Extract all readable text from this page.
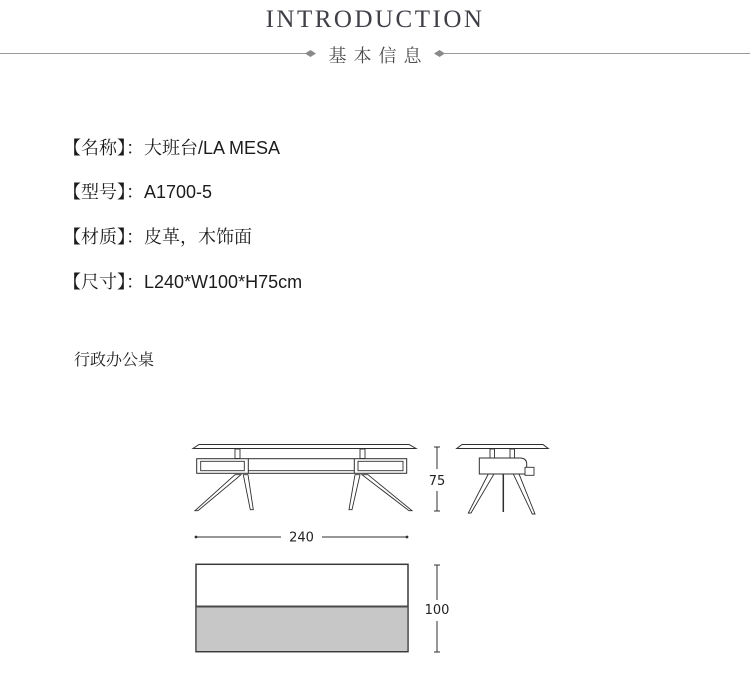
INTRODUCTION
基本信息
【名称】：大班台/LA MESA
【型号】：A1700-5
【材质】：皮革，木饰面
【尺寸】：L240*W100*H75cm
行政办公桌
75
240
100
